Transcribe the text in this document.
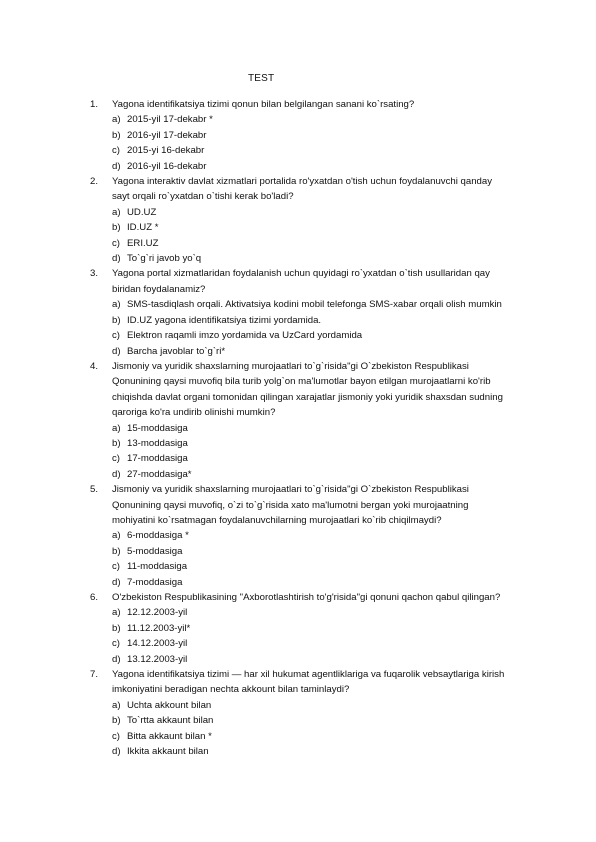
TEST
1. Yagona identifikatsiya tizimi qonun bilan belgilangan sanani ko`rsating?
a) 2015-yil 17-dekabr *
b) 2016-yil 17-dekabr
c) 2015-yi 16-dekabr
d) 2016-yil 16-dekabr
2. Yagona interaktiv davlat xizmatlari portalida ro'yxatdan o'tish uchun foydalanuvchi qanday
sayt orqali ro`yxatdan o`tishi kerak bo'ladi?
a) UD.UZ
b) ID.UZ *
c) ERI.UZ
d) To`g`ri javob yo`q
3. Yagona portal xizmatlaridan foydalanish uchun quyidagi ro`yxatdan o`tish usullaridan qay
biridan foydalanamiz?
a) SMS-tasdiqlash orqali. Aktivatsiya kodini mobil telefonga SMS-xabar orqali olish mumkin
b) ID.UZ yagona identifikatsiya tizimi yordamida.
c) Elektron raqamli imzo yordamida va UzCard yordamida
d) Barcha javoblar to`g`ri*
4. Jismoniy va yuridik shaxslarning murojaatlari to`g`risida"gi O`zbekiston Respublikasi
Qonunining qaysi muvofiq bila turib yolg`on ma'lumotlar bayon etilgan murojaatlarni ko'rib
chiqishda davlat organi tomonidan qilingan xarajatlar jismoniy yoki yuridik shaxsdan sudning
qaroriga ko'ra undirib olinishi mumkin?
a) 15-moddasiga
b) 13-moddasiga
c) 17-moddasiga
d) 27-moddasiga*
5. Jismoniy va yuridik shaxslarning murojaatlari to`g`risida"gi O`zbekiston Respublikasi
Qonunining qaysi muvofiq, o`zi to`g`risida xato ma'lumotni bergan yoki murojaatning
mohiyatini ko`rsatmagan foydalanuvchilarning murojaatlari ko`rib chiqilmaydi?
a) 6-moddasiga *
b) 5-moddasiga
c) 11-moddasiga
d) 7-moddasiga
6. O'zbekiston Respublikasining "Axborotlashtirish to'g'risida"gi qonuni qachon qabul qilingan?
a) 12.12.2003-yil
b) 11.12.2003-yil*
c) 14.12.2003-yil
d) 13.12.2003-yil
7. Yagona identifikatsiya tizimi — har xil hukumat agentliklariga va fuqarolik vebsaytlariga kirish
imkoniyatini beradigan nechta akkount bilan taminlaydi?
a) Uchta akkount bilan
b) To`rtta akkaunt bilan
c) Bitta akkaunt bilan *
d) Ikkita akkaunt bilan
